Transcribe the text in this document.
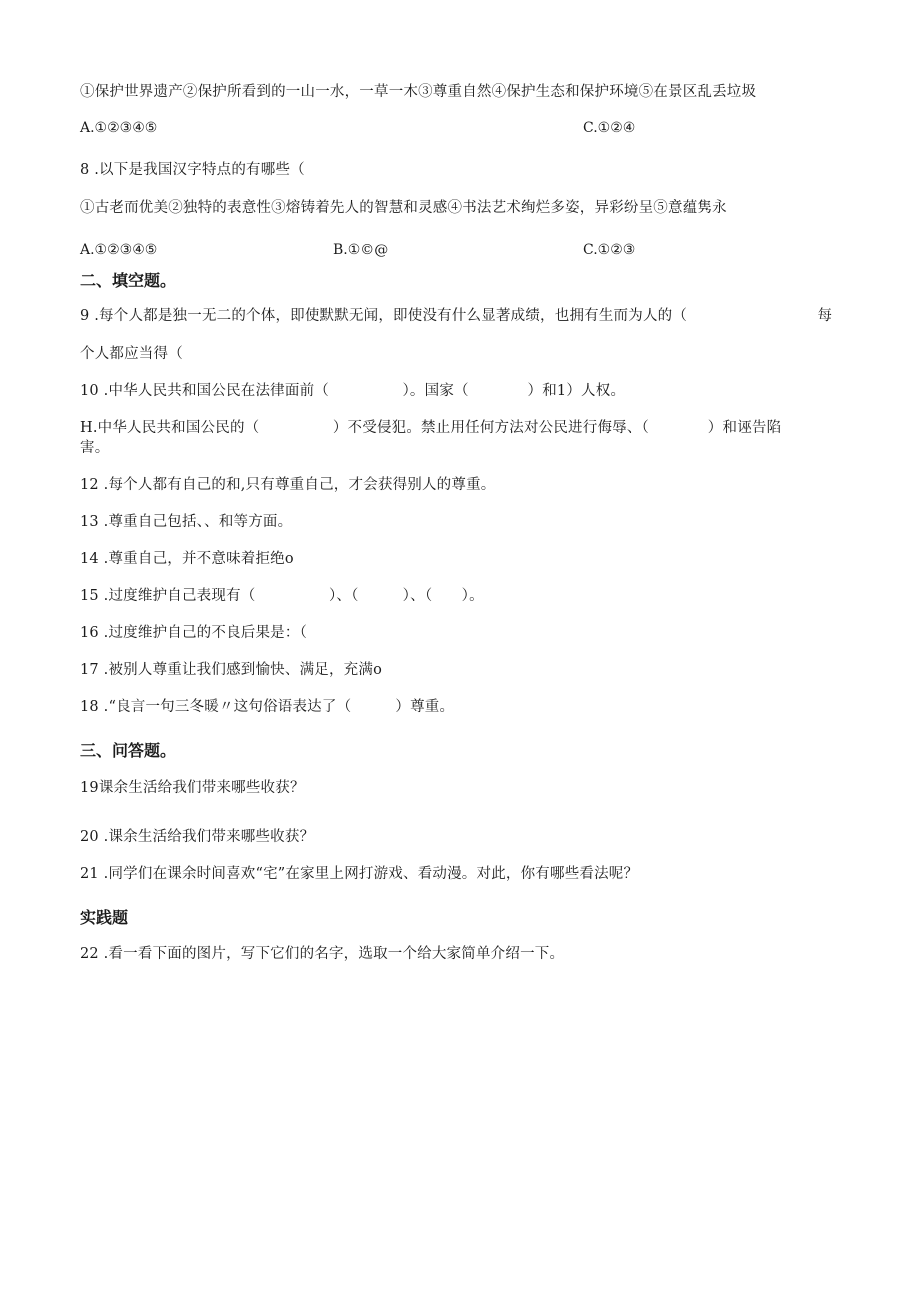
①保护世界遗产②保护所看到的一山一水，一草一木③尊重自然④保护生态和保护环境⑤在景区乱丢垃圾
A.①②③④⑤	C.①②④
8 .以下是我国汉字特点的有哪些（
①古老而优美②独特的表意性③熔铸着先人的智慧和灵感④书法艺术绚烂多姿，异彩纷呈⑤意蕴隽永
A.①②③④⑤	B.①©@	C.①②③
二、填空题。
9 .每个人都是独一无二的个体，即使默默无闻，即使没有什么显著成绩，也拥有生而为人的（	每
个人都应当得（
10 .中华人民共和国公民在法律面前（　　　　　）。国家（　　　　）和1）人权。
H.中华人民共和国公民的（　　　　　）不受侵犯。禁止用任何方法对公民进行侮辱、（　　　　）和诬告陷
害。
12 .每个人都有自己的和,只有尊重自己，才会获得别人的尊重。
13 .尊重自己包括、、和等方面。
14 .尊重自己，并不意味着拒绝o
15 .过度维护自己表现有（　　　　　）、（　　　）、（　　）。
16 .过度维护自己的不良后果是：（
17 .被别人尊重让我们感到愉快、满足，充满o
18 .“良言一句三冬暖〃这句俗语表达了（　　　）尊重。
三、问答题。
19课余生活给我们带来哪些收获？
20 .课余生活给我们带来哪些收获？
21 .同学们在课余时间喜欢“宅”在家里上网打游戏、看动漫。对此，你有哪些看法呢？
实践题
22 .看一看下面的图片，写下它们的名字，选取一个给大家简单介绍一下。
